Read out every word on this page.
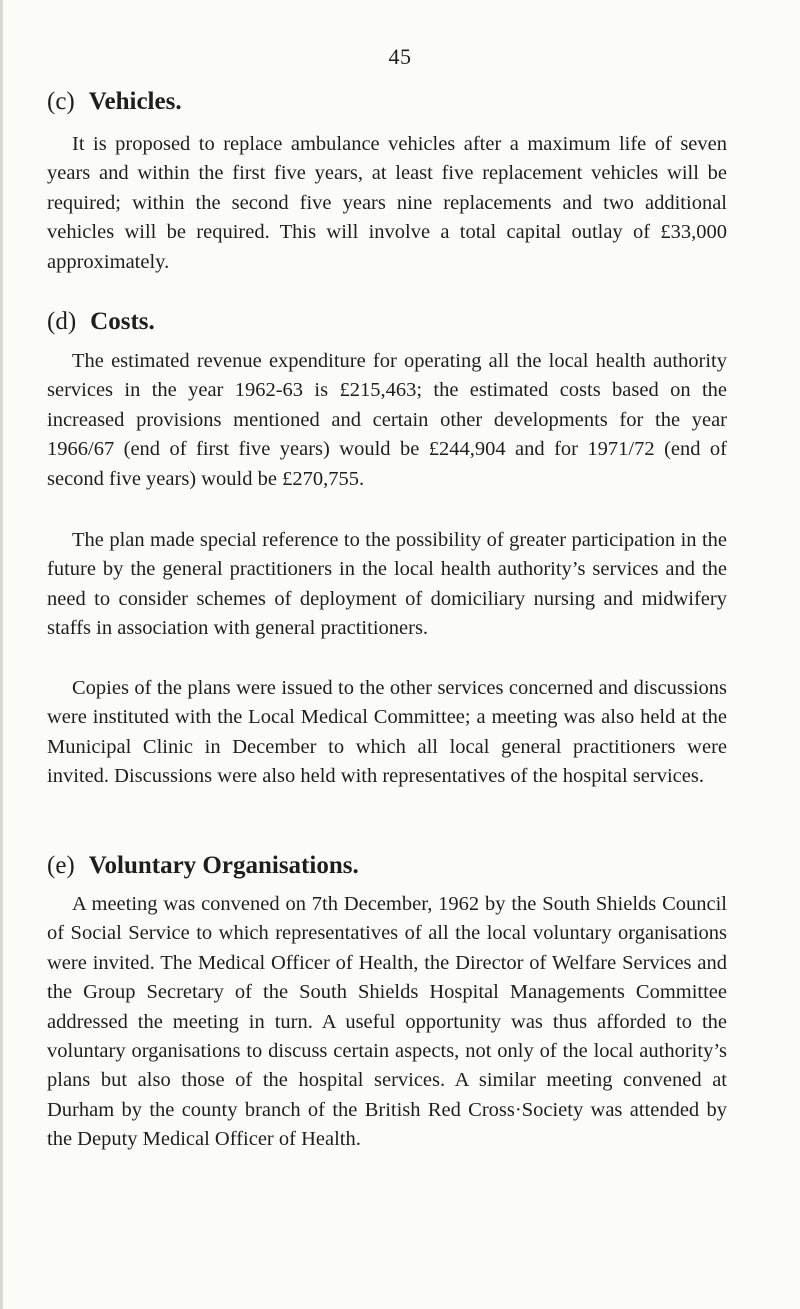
45
(c) Vehicles.

It is proposed to replace ambulance vehicles after a maximum life of seven years and within the first five years, at least five replacement vehicles will be required; within the second five years nine replacements and two additional vehicles will be required. This will involve a total capital outlay of £33,000 approximately.

(d) Costs.

The estimated revenue expenditure for operating all the local health authority services in the year 1962-63 is £215,463; the estimated costs based on the increased provisions mentioned and certain other developments for the year 1966/67 (end of first five years) would be £244,904 and for 1971/72 (end of second five years) would be £270,755.

The plan made special reference to the possibility of greater participation in the future by the general practitioners in the local health authority’s services and the need to consider schemes of deployment of domiciliary nursing and midwifery staffs in association with general practitioners.

Copies of the plans were issued to the other services concerned and discussions were instituted with the Local Medical Committee; a meeting was also held at the Municipal Clinic in December to which all local general practitioners were invited. Discussions were also held with representatives of the hospital services.

(e) Voluntary Organisations.

A meeting was convened on 7th December, 1962 by the South Shields Council of Social Service to which representatives of all the local voluntary organisations were invited. The Medical Officer of Health, the Director of Welfare Services and the Group Secretary of the South Shields Hospital Managements Committee addressed the meeting in turn. A useful opportunity was thus afforded to the voluntary organisations to discuss certain aspects, not only of the local authority’s plans but also those of the hospital services. A similar meeting convened at Durham by the county branch of the British Red Cross·Society was attended by the Deputy Medical Officer of Health.
